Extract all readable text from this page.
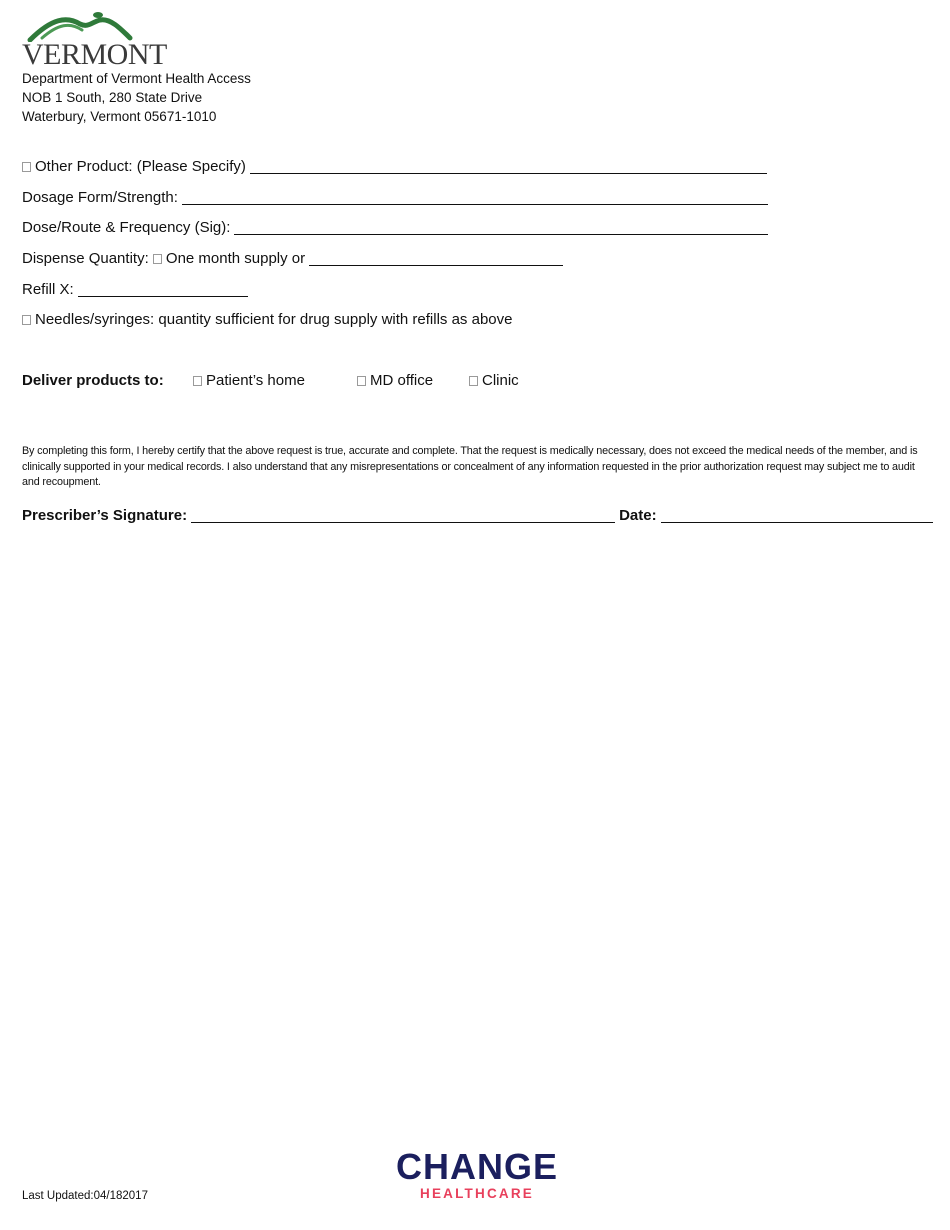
VERMONT
Department of Vermont Health Access
NOB 1 South, 280 State Drive
Waterbury, Vermont 05671-1010
Other Product: (Please Specify)
Dosage Form/Strength:
Dose/Route & Frequency (Sig):
Dispense Quantity: One month supply or
Refill X:
Needles/syringes: quantity sufficient for drug supply with refills as above
Deliver products to:	Patient’s home	MD office	Clinic
By completing this form, I hereby certify that the above request is true, accurate and complete. That the request is medically necessary, does not exceed the medical needs of the member, and is clinically supported in your medical records. I also understand that any misrepresentations or concealment of any information requested in the prior authorization request may subject me to audit and recoupment.
Prescriber’s Signature:	Date:
Last Updated:04/182017
CHANGE
HEALTHCARE
